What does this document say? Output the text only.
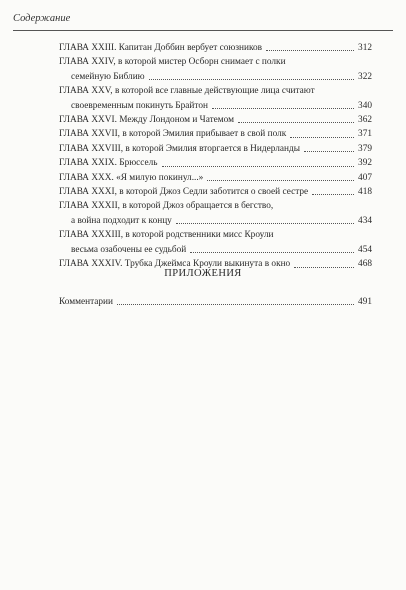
Содержание
ГЛАВА XXIII. Капитан Доббин вербует союзников	312
ГЛАВА XXIV, в которой мистер Осборн снимает с полки
семейную Библию	322
ГЛАВА XXV, в которой все главные действующие лица считают
своевременным покинуть Брайтон	340
ГЛАВА XXVI. Между Лондоном и Чатемом	362
ГЛАВА XXVII, в которой Эмилия прибывает в свой полк	371
ГЛАВА XXVIII, в которой Эмилия вторгается в Нидерланды	379
ГЛАВА XXIX. Брюссель	392
ГЛАВА XXX. «Я милую покинул...»	407
ГЛАВА XXXI, в которой Джоз Седли заботится о своей сестре	418
ГЛАВА XXXII, в которой Джоз обращается в бегство,
а война подходит к концу	434
ГЛАВА XXXIII, в которой родственники мисс Кроули
весьма озабочены ее судьбой	454
ГЛАВА XXXIV. Трубка Джеймса Кроули выкинута в окно	468
ПРИЛОЖЕНИЯ
Комментарии	491
